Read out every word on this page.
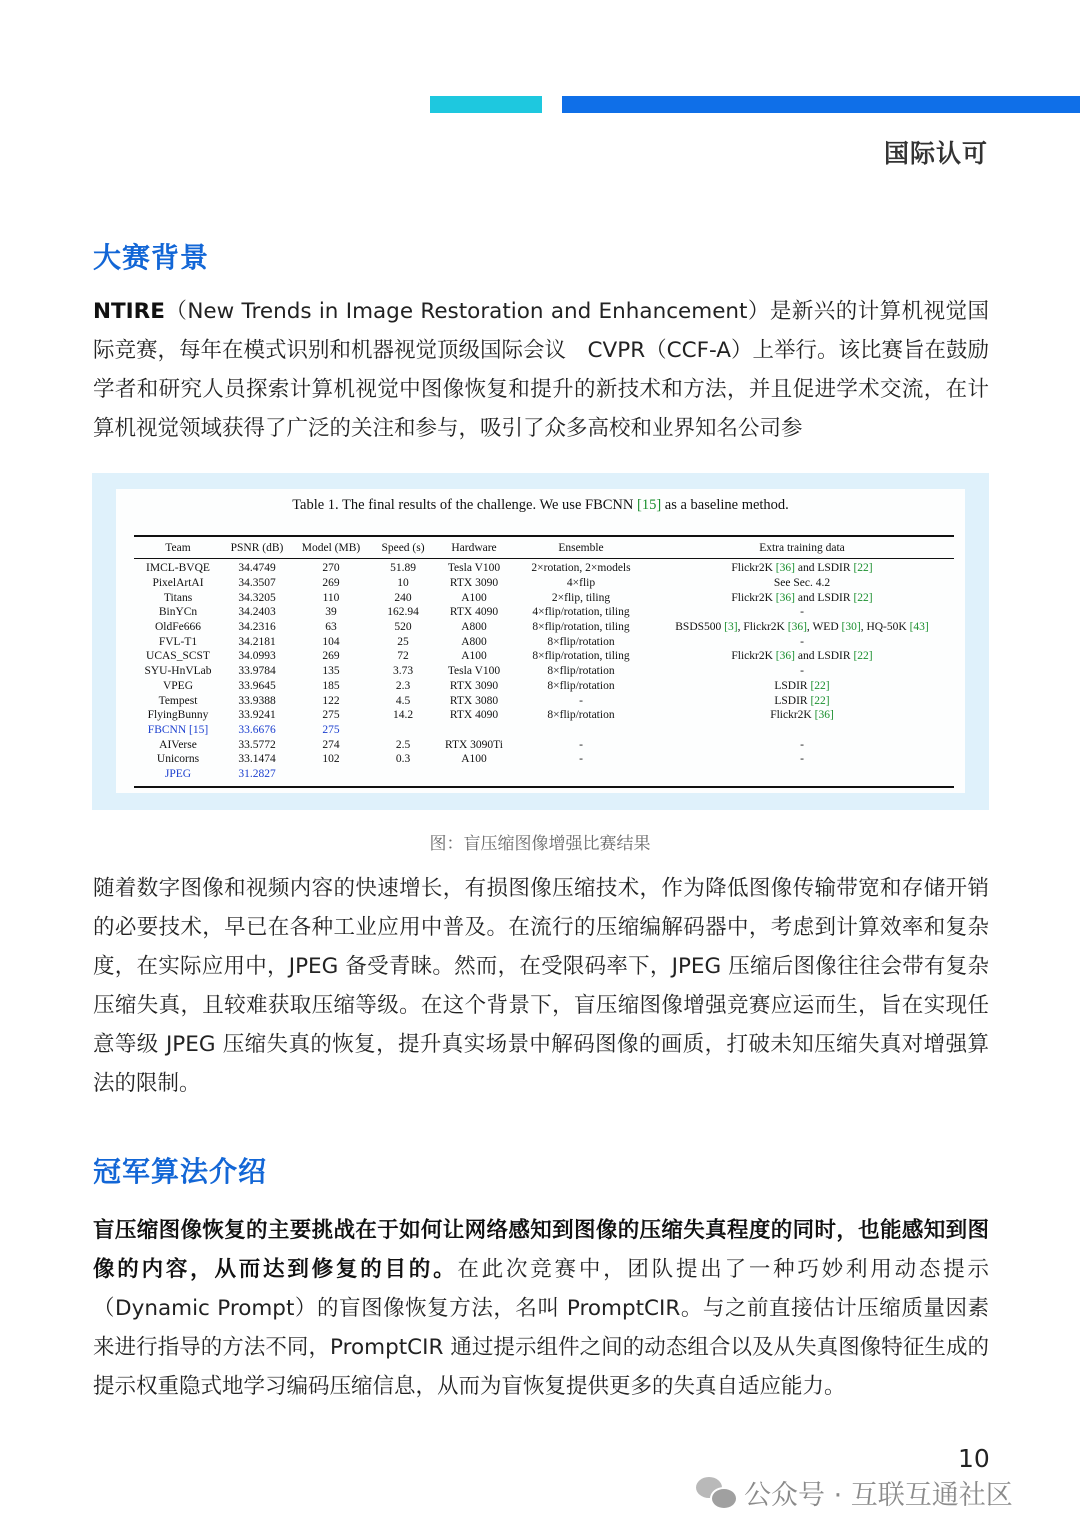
国际认可
大赛背景

NTIRE（New Trends in Image Restoration and Enhancement）是新兴的计算机视觉国际竞赛，每年在模式识别和机器视觉顶级国际会议　CVPR（CCF-A）上举行。该比赛旨在鼓励学者和研究人员探索计算机视觉中图像恢复和提升的新技术和方法，并且促进学术交流，在计算机视觉领域获得了广泛的关注和参与，吸引了众多高校和业界知名公司参

Table 1. The final results of the challenge. We use FBCNN [15] as a baseline method.
Team	PSNR (dB)	Model (MB)	Speed (s)	Hardware	Ensemble	Extra training data
IMCL-BVQE	34.4749	270	51.89	Tesla V100	2×rotation, 2×models	Flickr2K [36] and LSDIR [22]
PixelArtAI	34.3507	269	10	RTX 3090	4×flip	See Sec. 4.2
Titans	34.3205	110	240	A100	2×flip, tiling	Flickr2K [36] and LSDIR [22]
BinYCn	34.2403	39	162.94	RTX 4090	4×flip/rotation, tiling	-
OldFe666	34.2316	63	520	A800	8×flip/rotation, tiling	BSDS500 [3], Flickr2K [36], WED [30], HQ-50K [43]
FVL-T1	34.2181	104	25	A800	8×flip/rotation	-
UCAS_SCST	34.0993	269	72	A100	8×flip/rotation, tiling	Flickr2K [36] and LSDIR [22]
SYU-HnVLab	33.9784	135	3.73	Tesla V100	8×flip/rotation	-
VPEG	33.9645	185	2.3	RTX 3090	8×flip/rotation	LSDIR [22]
Tempest	33.9388	122	4.5	RTX 3080	-	LSDIR [22]
FlyingBunny	33.9241	275	14.2	RTX 4090	8×flip/rotation	Flickr2K [36]
FBCNN [15]	33.6676	275				
AIVerse	33.5772	274	2.5	RTX 3090Ti	-	-
Unicorns	33.1474	102	0.3	A100	-	-
JPEG	31.2827					
图：盲压缩图像增强比赛结果

随着数字图像和视频内容的快速增长，有损图像压缩技术，作为降低图像传输带宽和存储开销的必要技术，早已在各种工业应用中普及。在流行的压缩编解码器中，考虑到计算效率和复杂度，在实际应用中，JPEG 备受青睐。然而，在受限码率下，JPEG 压缩后图像往往会带有复杂压缩失真，且较难获取压缩等级。在这个背景下，盲压缩图像增强竞赛应运而生，旨在实现任意等级 JPEG 压缩失真的恢复，提升真实场景中解码图像的画质，打破未知压缩失真对增强算法的限制。

冠军算法介绍

盲压缩图像恢复的主要挑战在于如何让网络感知到图像的压缩失真程度的同时，也能感知到图像的内容，从而达到修复的目的。在此次竞赛中，团队提出了一种巧妙利用动态提示（Dynamic Prompt）的盲图像恢复方法，名叫 PromptCIR。与之前直接估计压缩质量因素来进行指导的方法不同，PromptCIR 通过提示组件之间的动态组合以及从失真图像特征生成的提示权重隐式地学习编码压缩信息，从而为盲恢复提供更多的失真自适应能力。

10
公众号 · 互联互通社区
